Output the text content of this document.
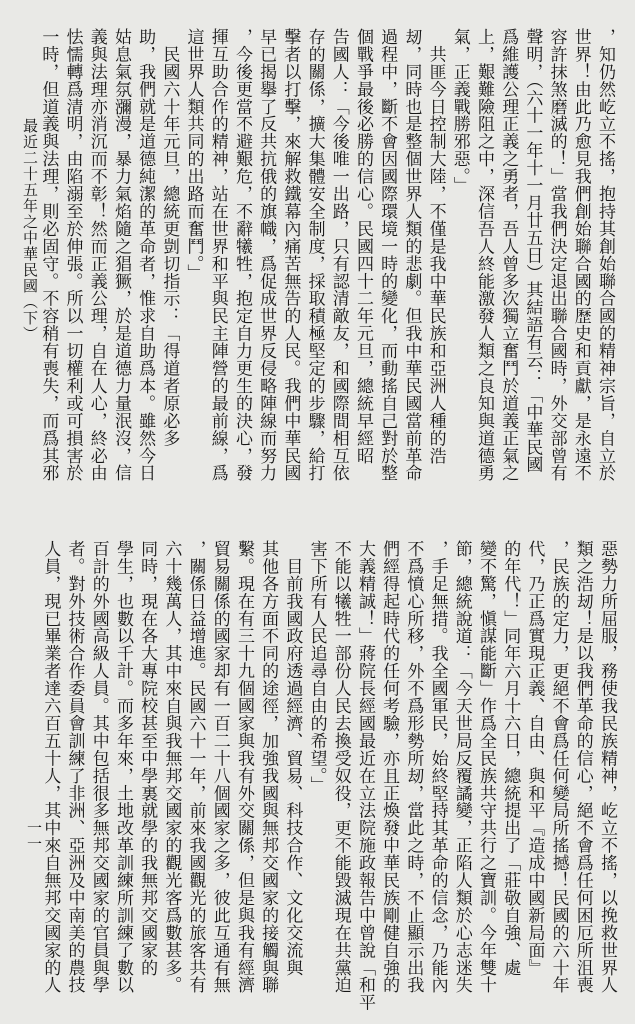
最近二十五年之中華民國（下）
一一
，知仍然屹立不搖，抱持其創始聯合國的精神宗旨，自立於
世界！由此乃愈見我們創始聯合國的歷史和貢獻，是永遠不
容許抹煞磨滅的！」當我們決定退出聯合國時，外交部曾有
聲明，（六十一年十一月廿五日）其結語有云：「中華民國
爲維護公理正義之勇者，吾人曾多次獨立奮鬥於道義正氣之
上，艱難險阻之中，深信吾人終能激發人類之良知與道德勇
氣，正義戰勝邪惡。」
　共匪今日控制大陸，不僅是我中華民族和亞洲人種的浩
刼，同時也是整個世界人類的悲劇。但我中華民國當前革命
過程中，斷不會因國際環境一時的變化，而動搖自己對於整
個戰爭最後必勝的信心。民國四十二年元旦，總統早經昭
告國人：「今後唯一出路，只有認清敵友，和國際間相互依
存的關係，擴大集體安全制度，採取積極堅定的步驟，給打
擊者以打擊，來解救鐵幕內痛苦無告的人民。我們中華民國
早已揭擧了反共抗俄的旗幟，爲促成世界反侵略陣線而努力
，今後更當不避艱危，不辭犧牲，抱定自力更生的決心，發
揮互助合作的精神，站在世界和平與民主陣營的最前線，爲
這世界人類共同的出路而奮鬥。」
　民國六十年元旦，總統更剴切指示：「得道者原必多
助，我們就是道德純潔的革命者，惟求自助爲本。雖然今日
姑息氣氛瀰漫，暴力氣焰隨之猖獗，於是道德力量泯沒，信
義與法理亦消沉而不彰！然而正義公理，自在人心，終必由
怯懦轉爲清明，由陷溺至於伸張。所以一切權利或可損害於
一時，但道義與法理，則必固守。不容稍有喪失，而爲其邪
惡勢力所屈服，務使我民族精神，屹立不搖，以挽救世界人
類之浩刼！是以我們革命的信心，絕不會爲任何困厄所沮喪
，民族的定力，更絕不會爲任何變局所搖撼！民國的六十年
代，乃正爲實現正義、自由、與和平『造成中國新局面』
的年代！」同年六月十六日，總統提出了「莊敬自強、處
變不驚，愼謀能斷」作爲全民族共守共行之寶訓。今年雙十
節，總統說道：「今天世局反覆譎變，正陷人類於心志迷失
，手足無措。我全國軍民，始終堅持其革命的信念，乃能內
不爲憤心所移，外不爲形勢所刼，當此之時，不止顯示出我
們經得起時代的任何考驗，亦且正煥發中華民族剛健自強的
大義精誠！」蔣院長經國最近在立法院施政報告中曾說「和平
不能以犧牲一部份人民去換受奴役，更不能毀滅現在共黨迫
害下所有人民追尋自由的希望。」
　目前我國政府透過經濟、貿易、科技合作、文化交流與
其他各方面不同的途徑，加強我國與無邦交國家的接觸與聯
繫。現在有三十九個國家與我有外交關係，但是與我有經濟
貿易關係的國家却有一百二十八個國家之多，彼此互通有無
，關係日益增進。民國六十一年，前來我國觀光的旅客共有
六十幾萬人，其中來自與我無邦交國家的觀光客爲數甚多。
同時，現在各大專院校甚至中學裏就學的我無邦交國家的
學生，也數以千計。而多年來，土地改革訓練所訓練了數以
百計的外國高級人員。其中包括很多無邦交國家的官員與學
者。對外技術合作委員會訓練了非洲、亞洲及中南美的農技
人員，現已畢業者達六百五十人，其中來自無邦交國家的人
